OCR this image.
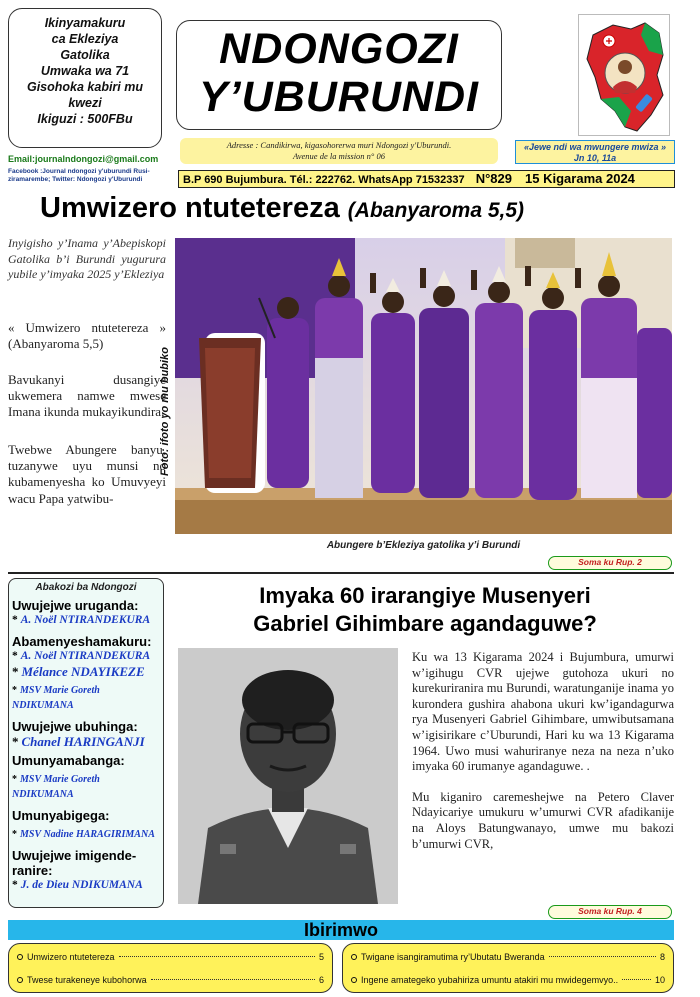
Ikinyamakuru
ca Ekleziya
Gatolika
Umwaka wa 71
Gisohoka kabiri mu
kwezi
Ikiguzi : 500FBu
Email:journalndongozi@gmail.com
Facebook :Journal ndongozi y'uburundi Rusi-ziramarembe; Twitter: Ndongozi y'Uburundi
NDONGOZI
Y’UBURUNDI
Adresse : Candikirwa, kigasohorerwa muri Ndongozi y'Uburundi.
Avenue de la mission n° 06
«Jewe ndi wa mwungere mwiza »
Jn 10, 11a
B.P 690 Bujumbura. Tél.: 222762. WhatsApp 71532337 N°829 15 Kigarama 2024
Umwizero ntutetereza (Abanyaroma 5,5)
Inyigisho y’Inama y’Abepiskopi Gatolika b’i Burundi yugurura yubile y’imyaka 2025 y’Ekleziya
« Umwizero ntutetereza » (Abanyaroma 5,5)
Bavukanyi dusangiye ukwemera namwe mwese Imana ikunda mukayikundira,
Twebwe Abungere banyu, tuzanywe uyu munsi no kubamenyesha ko Umuvyeyi wacu Papa yatwibu-
Foto: ifoto yo mu bubiko
Abungere b’Ekleziya gatolika y’i Burundi
Soma ku Rup. 2
Abakozi ba Ndongozi
Uwujejwe uruganda:
* A. Noël NTIRANDEKURA
Abamenyeshamakuru:
* A. Noël NTIRANDEKURA
* Mélance NDAYIKEZE
* MSV Marie Goreth NDIKUMANA
Uwujejwe ubuhinga:
* Chanel HARINGANJI
Umunyamabanga:
* MSV Marie Goreth NDIKUMANA
Umunyabigega:
* MSV Nadine HARAGIRIMANA
Uwujejwe imigende-ranire:
* J. de Dieu NDIKUMANA
Imyaka 60 irarangiye Musenyeri
Gabriel Gihimbare agandaguwe?

Ku wa 13 Kigarama 2024 i Bujumbura, umurwi w’igihugu CVR ujejwe gutohoza ukuri no kurekuriranira mu Burundi, waratunganije inama yo kurondera gushira ahabona ukuri kw’igandagurwa rya Musenyeri Gabriel Gihimbare, umwibutsamana w’igisirikare c’Uburundi, Hari ku wa 13 Kigarama 1964. Uwo musi wahuriranye neza na neza n’uko imyaka 60 irumanye agandaguwe. .

Mu kiganiro caremeshejwe na Petero Claver Ndayicariye umukuru w’umurwi CVR afadikanije na Aloys Batungwanayo, umwe mu bakozi b’umurwi CVR,

Soma ku Rup. 4
Ibirimwo
Umwizero ntutetereza	5
Twese turakeneye kubohorwa	6
Twigane isangiramutima ry’Ubutatu Bweranda	8
Ingene amategeko yubahiriza umuntu atakiri mu mwidegemvyo..	10
